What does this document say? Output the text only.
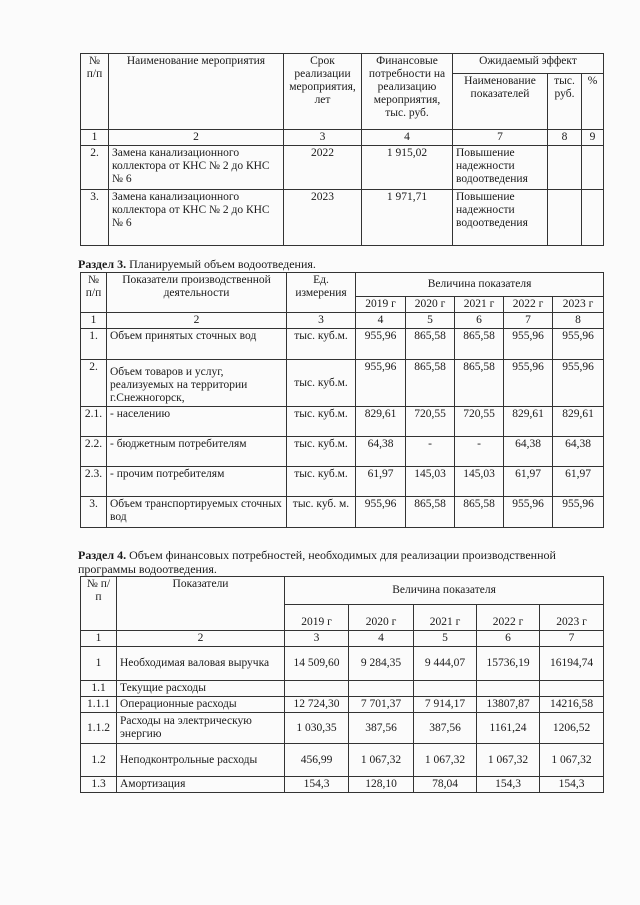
№ п/п	Наименование мероприятия	Срок реализации мероприятия, лет	Финансовые потребности на реализацию мероприятия, тыс. руб.	Ожидаемый эффект		
				Наименование показателей	тыс. руб.	%
1	2	3	4	7	8	9
2.	Замена канализационного коллектора от КНС № 2 до КНС № 6	2022	1 915,02	Повышение надежности водоотведения		
3.	Замена канализационного коллектора от КНС № 2 до КНС № 6	2023	1 971,71	Повышение надежности водоотведения		
Раздел 3. Планируемый объем водоотведения.
№ п/п	Показатели производственной деятельности	Ед. измерения	Величина показателя				
			2019 г	2020 г	2021 г	2022 г	2023 г
1	2	3	4	5	6	7	8
1.	Объем принятых сточных вод	тыс. куб.м.	955,96	865,58	865,58	955,96	955,96
2.	Объем товаров и услуг, реализуемых на территории г.Снежногорск,	тыс. куб.м.	955,96	865,58	865,58	955,96	955,96
2.1.	- населению	тыс. куб.м.	829,61	720,55	720,55	829,61	829,61
2.2.	- бюджетным потребителям	тыс. куб.м.	64,38	-	-	64,38	64,38
2.3.	- прочим потребителям	тыс. куб.м.	61,97	145,03	145,03	61,97	61,97
3.	Объем транспортируемых сточных вод	тыс. куб. м.	955,96	865,58	865,58	955,96	955,96
Раздел 4. Объем финансовых потребностей, необходимых для реализации производственной программы водоотведения.
№ п/п	Показатели	Величина показателя				
		2019 г	2020 г	2021 г	2022 г	2023 г
1	2	3	4	5	6	7
1	Необходимая валовая выручка	14 509,60	9 284,35	9 444,07	15736,19	16194,74
1.1	Текущие расходы					
1.1.1	Операционные расходы	12 724,30	7 701,37	7 914,17	13807,87	14216,58
1.1.2	Расходы на электрическую энергию	1 030,35	387,56	387,56	1161,24	1206,52
1.2	Неподконтрольные расходы	456,99	1 067,32	1 067,32	1 067,32	1 067,32
1.3	Амортизация	154,3	128,10	78,04	154,3	154,3
